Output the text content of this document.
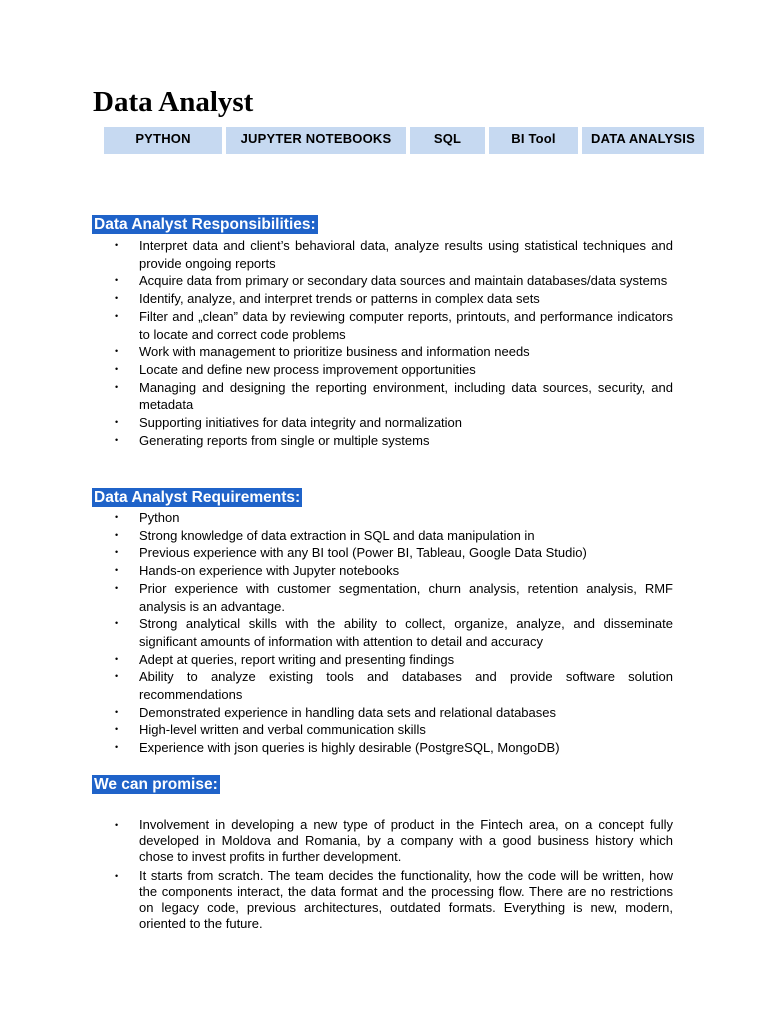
Data Analyst
PYTHON	JUPYTER NOTEBOOKS	SQL	BI Tool	DATA ANALYSIS
Data Analyst Responsibilities:
• Interpret data and client’s behavioral data, analyze results using statistical techniques and provide ongoing reports
• Acquire data from primary or secondary data sources and maintain databases/data systems
• Identify, analyze, and interpret trends or patterns in complex data sets
• Filter and „clean” data by reviewing computer reports, printouts, and performance indicators to locate and correct code problems
• Work with management to prioritize business and information needs
• Locate and define new process improvement opportunities
• Managing and designing the reporting environment, including data sources, security, and metadata
• Supporting initiatives for data integrity and normalization
• Generating reports from single or multiple systems
Data Analyst Requirements:
• Python
• Strong knowledge of data extraction in SQL and data manipulation in
• Previous experience with any BI tool (Power BI, Tableau, Google Data Studio)
• Hands-on experience with Jupyter notebooks
• Prior experience with customer segmentation, churn analysis, retention analysis, RMF analysis is an advantage.
• Strong analytical skills with the ability to collect, organize, analyze, and disseminate significant amounts of information with attention to detail and accuracy
• Adept at queries, report writing and presenting findings
• Ability to analyze existing tools and databases and provide software solution recommendations
• Demonstrated experience in handling data sets and relational databases
• High-level written and verbal communication skills
• Experience with json queries is highly desirable (PostgreSQL, MongoDB)
We can promise:
• Involvement in developing a new type of product in the Fintech area, on a concept fully developed in Moldova and Romania, by a company with a good business history which chose to invest profits in further development.
• It starts from scratch. The team decides the functionality, how the code will be written, how the components interact, the data format and the processing flow. There are no restrictions on legacy code, previous architectures, outdated formats. Everything is new, modern, oriented to the future.
